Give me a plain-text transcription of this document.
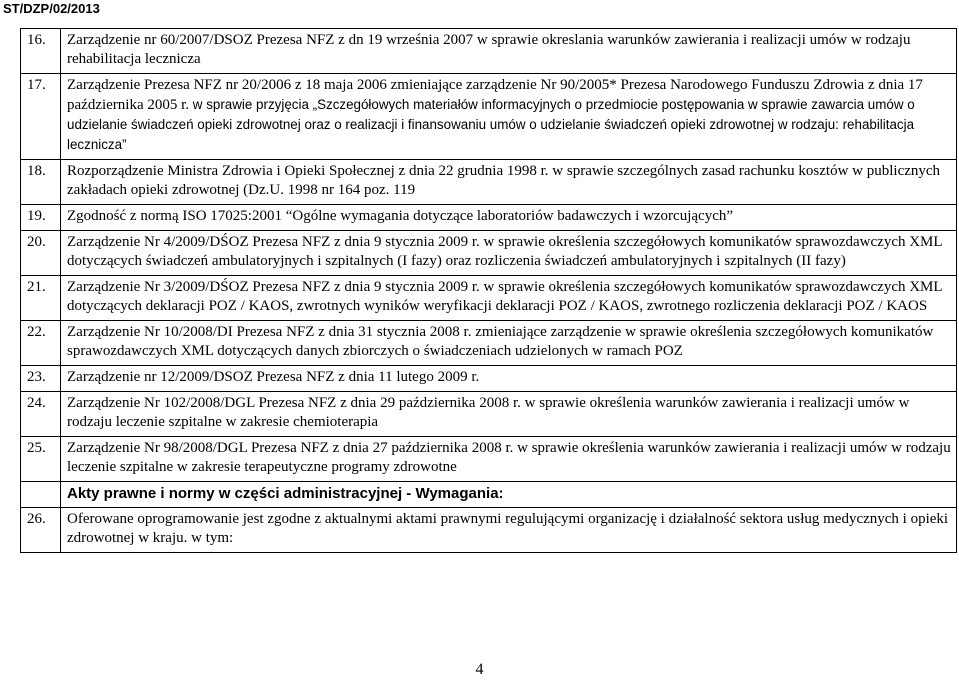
ST/DZP/02/2013
16.	Zarządzenie nr 60/2007/DSOZ Prezesa NFZ z dn 19 września 2007 w sprawie okreslania warunków zawierania i realizacji umów w rodzaju rehabilitacja lecznicza
17.	Zarządzenie Prezesa NFZ nr 20/2006 z 18 maja 2006 zmieniające zarządzenie Nr 90/2005* Prezesa Narodowego Funduszu Zdrowia z dnia 17 października 2005 r. w sprawie przyjęcia „Szczegółowych materiałów informacyjnych o przedmiocie postępowania w sprawie zawarcia umów o udzielanie świadczeń opieki zdrowotnej oraz o realizacji i finansowaniu umów o udzielanie świadczeń opieki zdrowotnej w rodzaju: rehabilitacja lecznicza”
18.	Rozporządzenie Ministra Zdrowia i Opieki Społecznej z dnia 22 grudnia 1998 r. w sprawie szczególnych zasad rachunku kosztów w publicznych zakładach opieki zdrowotnej (Dz.U. 1998 nr 164 poz. 119
19.	Zgodność z normą ISO 17025:2001 “Ogólne wymagania dotyczące laboratoriów badawczych i wzorcujących”
20.	Zarządzenie Nr 4/2009/DŚOZ Prezesa NFZ z dnia 9 stycznia 2009 r. w sprawie określenia szczegółowych komunikatów sprawozdawczych XML dotyczących świadczeń ambulatoryjnych i szpitalnych (I fazy) oraz rozliczenia świadczeń ambulatoryjnych i szpitalnych (II fazy)
21.	Zarządzenie Nr 3/2009/DŚOZ Prezesa NFZ z dnia 9 stycznia 2009 r. w sprawie określenia szczegółowych komunikatów sprawozdawczych XML dotyczących deklaracji POZ / KAOS, zwrotnych wyników weryfikacji deklaracji POZ / KAOS, zwrotnego rozliczenia deklaracji POZ / KAOS
22.	Zarządzenie Nr 10/2008/DI Prezesa NFZ z dnia 31 stycznia 2008 r. zmieniające zarządzenie w sprawie określenia szczegółowych komunikatów sprawozdawczych XML dotyczących danych zbiorczych o świadczeniach udzielonych w ramach POZ
23.	Zarządzenie nr 12/2009/DSOZ Prezesa NFZ z dnia 11 lutego 2009 r.
24.	Zarządzenie Nr 102/2008/DGL Prezesa NFZ z dnia 29 października 2008 r. w sprawie określenia warunków zawierania i realizacji umów w rodzaju leczenie szpitalne w zakresie chemioterapia
25.	Zarządzenie Nr 98/2008/DGL Prezesa NFZ z dnia 27 października 2008 r. w sprawie określenia warunków zawierania i realizacji umów w rodzaju leczenie szpitalne w zakresie terapeutyczne programy zdrowotne
	Akty prawne i normy w części administracyjnej - Wymagania:
26.	Oferowane oprogramowanie jest zgodne z aktualnymi aktami prawnymi regulującymi organizację i działalność sektora usług medycznych i opieki zdrowotnej w kraju. w tym:
4
